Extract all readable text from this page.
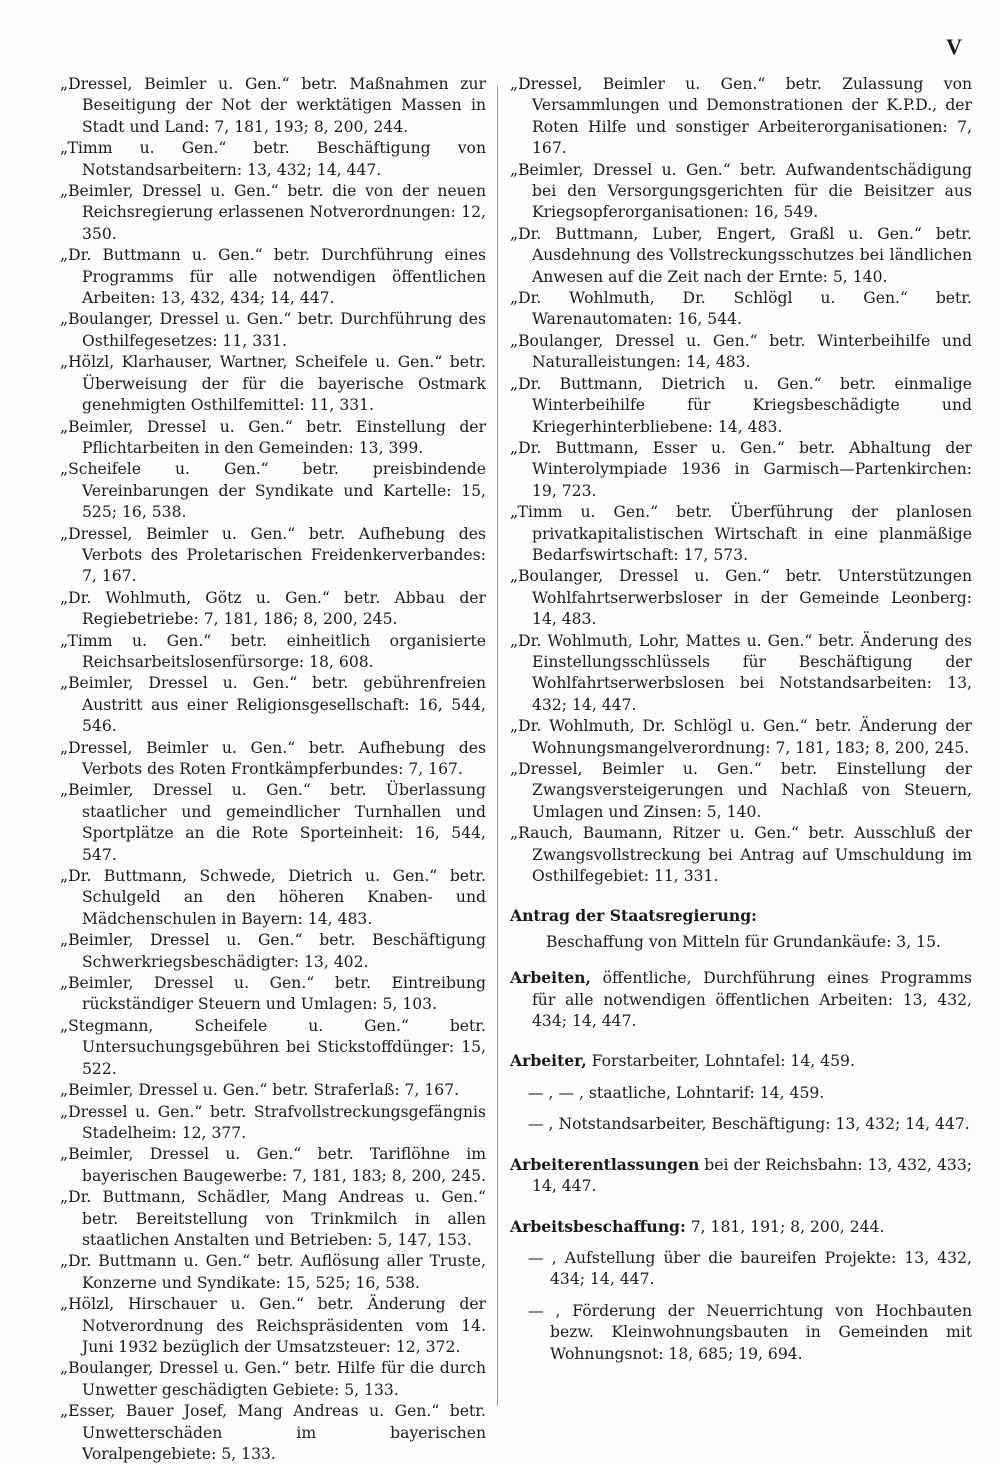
V

„Dressel, Beimler u. Gen.“ betr. Maßnahmen zur Beseitigung der Not der werktätigen Massen in Stadt und Land: 7, 181, 193; 8, 200, 244.

„Timm u. Gen.“ betr. Beschäftigung von Notstandsarbeitern: 13, 432; 14, 447.

„Beimler, Dressel u. Gen.“ betr. die von der neuen Reichsregierung erlassenen Notverordnungen: 12, 350.

„Dr. Buttmann u. Gen.“ betr. Durchführung eines Programms für alle notwendigen öffentlichen Arbeiten: 13, 432, 434; 14, 447.

„Boulanger, Dressel u. Gen.“ betr. Durchführung des Osthilfegesetzes: 11, 331.

„Hölzl, Klarhauser, Wartner, Scheifele u. Gen.“ betr. Überweisung der für die bayerische Ostmark genehmigten Osthilfemittel: 11, 331.

„Beimler, Dressel u. Gen.“ betr. Einstellung der Pflichtarbeiten in den Gemeinden: 13, 399.

„Scheifele u. Gen.“ betr. preisbindende Vereinbarungen der Syndikate und Kartelle: 15, 525; 16, 538.

„Dressel, Beimler u. Gen.“ betr. Aufhebung des Verbots des Proletarischen Freidenkerverbandes: 7, 167.

„Dr. Wohlmuth, Götz u. Gen.“ betr. Abbau der Regiebetriebe: 7, 181, 186; 8, 200, 245.

„Timm u. Gen.“ betr. einheitlich organisierte Reichsarbeitslosenfürsorge: 18, 608.

„Beimler, Dressel u. Gen.“ betr. gebührenfreien Austritt aus einer Religionsgesellschaft: 16, 544, 546.

„Dressel, Beimler u. Gen.“ betr. Aufhebung des Verbots des Roten Frontkämpferbundes: 7, 167.

„Beimler, Dressel u. Gen.“ betr. Überlassung staatlicher und gemeindlicher Turnhallen und Sportplätze an die Rote Sporteinheit: 16, 544, 547.

„Dr. Buttmann, Schwede, Dietrich u. Gen.“ betr. Schulgeld an den höheren Knaben- und Mädchenschulen in Bayern: 14, 483.

„Beimler, Dressel u. Gen.“ betr. Beschäftigung Schwerkriegsbeschädigter: 13, 402.

„Beimler, Dressel u. Gen.“ betr. Eintreibung rückständiger Steuern und Umlagen: 5, 103.

„Stegmann, Scheifele u. Gen.“ betr. Untersuchungsgebühren bei Stickstoffdünger: 15, 522.

„Beimler, Dressel u. Gen.“ betr. Straferlaß: 7, 167.

„Dressel u. Gen.“ betr. Strafvollstreckungsgefängnis Stadelheim: 12, 377.

„Beimler, Dressel u. Gen.“ betr. Tariflöhne im bayerischen Baugewerbe: 7, 181, 183; 8, 200, 245.

„Dr. Buttmann, Schädler, Mang Andreas u. Gen.“ betr. Bereitstellung von Trinkmilch in allen staatlichen Anstalten und Betrieben: 5, 147, 153.

„Dr. Buttmann u. Gen.“ betr. Auflösung aller Truste, Konzerne und Syndikate: 15, 525; 16, 538.

„Hölzl, Hirschauer u. Gen.“ betr. Änderung der Notverordnung des Reichspräsidenten vom 14. Juni 1932 bezüglich der Umsatzsteuer: 12, 372.

„Boulanger, Dressel u. Gen.“ betr. Hilfe für die durch Unwetter geschädigten Gebiete: 5, 133.

„Esser, Bauer Josef, Mang Andreas u. Gen.“ betr. Unwetterschäden im bayerischen Voralpengebiete: 5, 133.

„Dressel, Beimler u. Gen.“ betr. Zulassung von Versammlungen und Demonstrationen der K.P.D., der Roten Hilfe und sonstiger Arbeiterorganisationen: 7, 167.

„Beimler, Dressel u. Gen.“ betr. Aufwandentschädigung bei den Versorgungsgerichten für die Beisitzer aus Kriegsopferorganisationen: 16, 549.

„Dr. Buttmann, Luber, Engert, Graßl u. Gen.“ betr. Ausdehnung des Vollstreckungsschutzes bei ländlichen Anwesen auf die Zeit nach der Ernte: 5, 140.

„Dr. Wohlmuth, Dr. Schlögl u. Gen.“ betr. Warenautomaten: 16, 544.

„Boulanger, Dressel u. Gen.“ betr. Winterbeihilfe und Naturalleistungen: 14, 483.

„Dr. Buttmann, Dietrich u. Gen.“ betr. einmalige Winterbeihilfe für Kriegsbeschädigte und Kriegerhinterbliebene: 14, 483.

„Dr. Buttmann, Esser u. Gen.“ betr. Abhaltung der Winterolympiade 1936 in Garmisch—Partenkirchen: 19, 723.

„Timm u. Gen.“ betr. Überführung der planlosen privatkapitalistischen Wirtschaft in eine planmäßige Bedarfswirtschaft: 17, 573.

„Boulanger, Dressel u. Gen.“ betr. Unterstützungen Wohlfahrtserwerbsloser in der Gemeinde Leonberg: 14, 483.

„Dr. Wohlmuth, Lohr, Mattes u. Gen.“ betr. Änderung des Einstellungsschlüssels für Beschäftigung der Wohlfahrtserwerbslosen bei Notstandsarbeiten: 13, 432; 14, 447.

„Dr. Wohlmuth, Dr. Schlögl u. Gen.“ betr. Änderung der Wohnungsmangelverordnung: 7, 181, 183; 8, 200, 245.

„Dressel, Beimler u. Gen.“ betr. Einstellung der Zwangsversteigerungen und Nachlaß von Steuern, Umlagen und Zinsen: 5, 140.

„Rauch, Baumann, Ritzer u. Gen.“ betr. Ausschluß der Zwangsvollstreckung bei Antrag auf Umschuldung im Osthilfegebiet: 11, 331.

Antrag der Staatsregierung:

Beschaffung von Mitteln für Grundankäufe: 3, 15.

Arbeiten, öffentliche, Durchführung eines Programms für alle notwendigen öffentlichen Arbeiten: 13, 432, 434; 14, 447.

Arbeiter, Forstarbeiter, Lohntafel: 14, 459.

— , — , staatliche, Lohntarif: 14, 459.

— , Notstandsarbeiter, Beschäftigung: 13, 432; 14, 447.

Arbeiterentlassungen bei der Reichsbahn: 13, 432, 433; 14, 447.

Arbeitsbeschaffung: 7, 181, 191; 8, 200, 244.

— , Aufstellung über die baureifen Projekte: 13, 432, 434; 14, 447.

— , Förderung der Neuerrichtung von Hochbauten bezw. Kleinwohnungsbauten in Gemeinden mit Wohnungsnot: 18, 685; 19, 694.
